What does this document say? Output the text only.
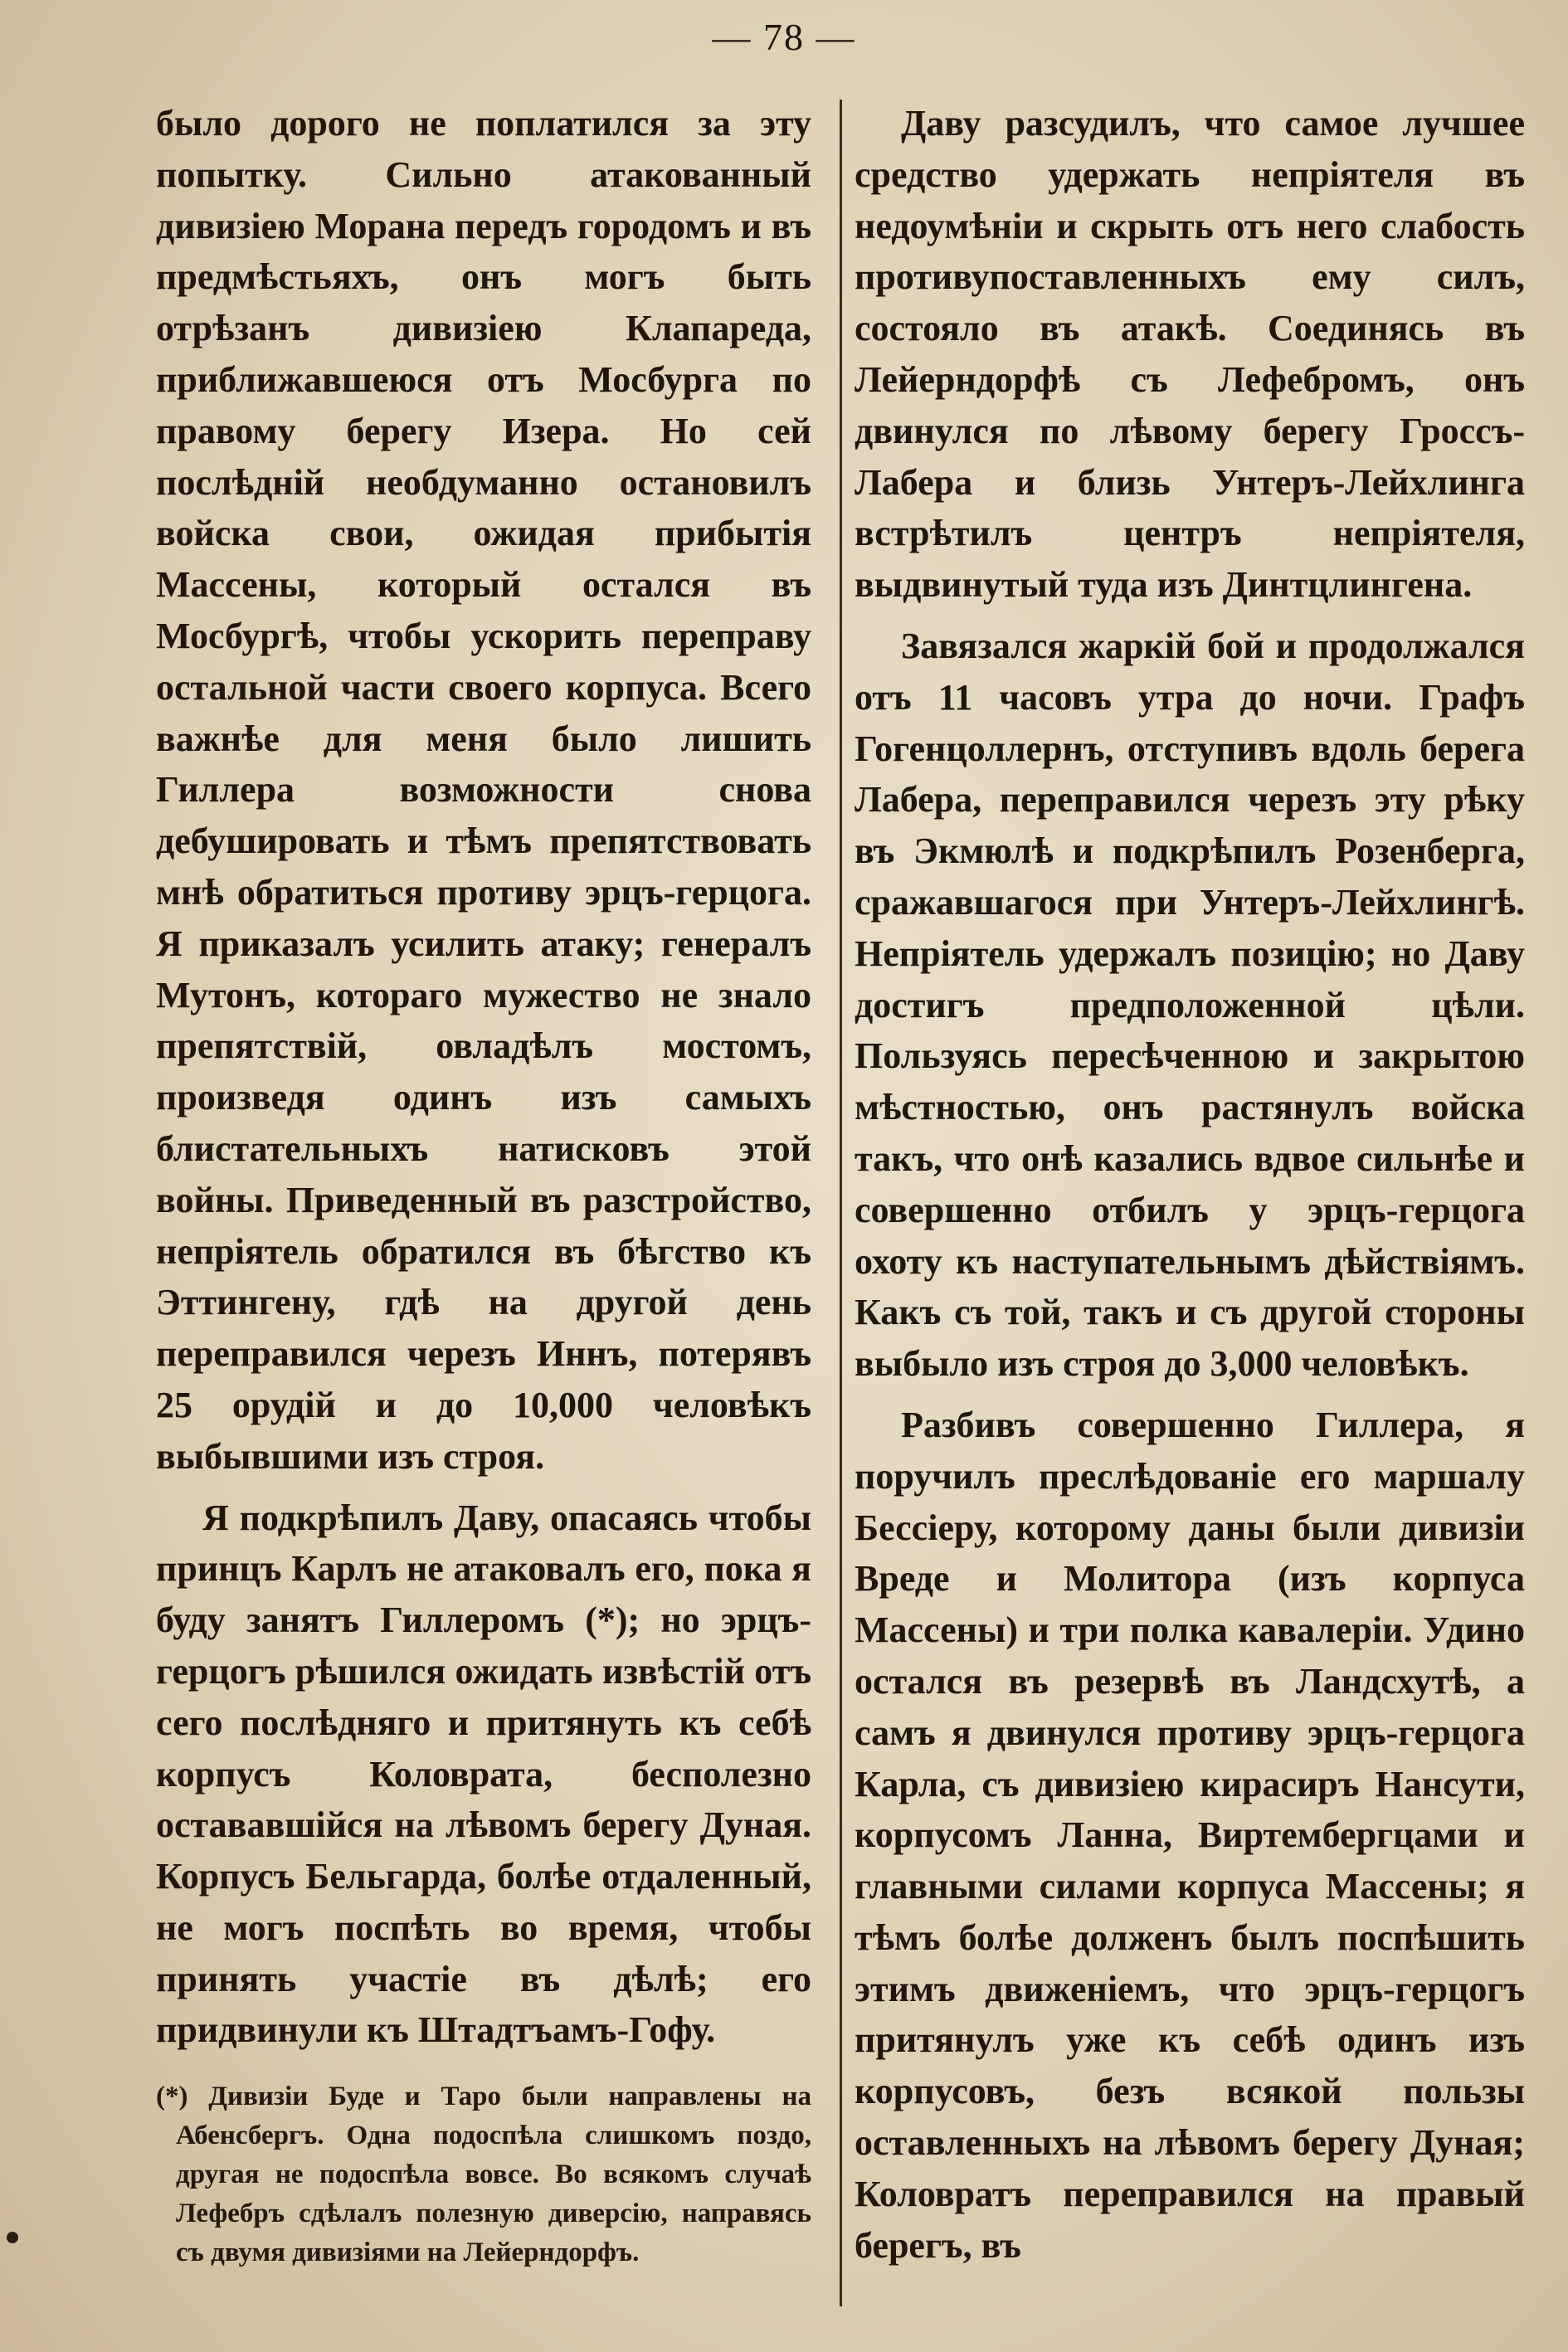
— 78 —

было дорого не поплатился за эту попытку. Сильно атакованный дивизіею Морана передъ городомъ и въ предмѣстьяхъ, онъ могъ быть отрѣзанъ дивизіею Клапареда, приближавшеюся отъ Мосбурга по правому берегу Изера. Но сей послѣдній необдуманно остановилъ войска свои, ожидая прибытія Массены, который остался въ Мосбургѣ, чтобы ускорить переправу остальной части своего корпуса. Всего важнѣе для меня было лишить Гиллера возможности снова дебушировать и тѣмъ препятствовать мнѣ обратиться противу эрцъ-герцога. Я приказалъ усилить атаку; генералъ Мутонъ, котораго мужество не знало препятствій, овладѣлъ мостомъ, произведя одинъ изъ самыхъ блистательныхъ натисковъ этой войны. Приведенный въ разстройство, непріятель обратился въ бѣгство къ Эттингену, гдѣ на другой день переправился черезъ Иннъ, потерявъ 25 орудій и до 10,000 человѣкъ выбывшими изъ строя.

Я подкрѣпилъ Даву, опасаясь чтобы принцъ Карлъ не атаковалъ его, пока я буду занятъ Гиллеромъ (*); но эрцъ-герцогъ рѣшился ожидать извѣстій отъ сего послѣдняго и притянуть къ себѣ корпусъ Коловрата, бесполезно остававшійся на лѣвомъ берегу Дуная. Корпусъ Бельгарда, болѣе отдаленный, не могъ поспѣть во время, чтобы принять участіе въ дѣлѣ; его придвинули къ Штадтъамъ-Гофу.

(*) Дивизіи Буде и Таро были направлены на Абенсбергъ. Одна подоспѣла слишкомъ поздо, другая не подоспѣла вовсе. Во всякомъ случаѣ Лефебръ сдѣлалъ полезную диверсію, направясь съ двумя дивизіями на Лейерндорфъ.

Даву разсудилъ, что самое лучшее средство удержать непріятеля въ недоумѣніи и скрыть отъ него слабость противупоставленныхъ ему силъ, состояло въ атакѣ. Соединясь въ Лейерндорфѣ съ Лефебромъ, онъ двинулся по лѣвому берегу Гроссъ-Лабера и близь Унтеръ-Лейхлинга встрѣтилъ центръ непріятеля, выдвинутый туда изъ Динтцлингена.

Завязался жаркій бой и продолжался отъ 11 часовъ утра до ночи. Графъ Гогенцоллернъ, отступивъ вдоль берега Лабера, переправился черезъ эту рѣку въ Экмюлѣ и подкрѣпилъ Розенберга, сражавшагося при Унтеръ-Лейхлингѣ. Непріятель удержалъ позицію; но Даву достигъ предположенной цѣли. Пользуясь пересѣченною и закрытою мѣстностью, онъ растянулъ войска такъ, что онѣ казались вдвое сильнѣе и совершенно отбилъ у эрцъ-герцога охоту къ наступательнымъ дѣйствіямъ. Какъ съ той, такъ и съ другой стороны выбыло изъ строя до 3,000 человѣкъ.

Разбивъ совершенно Гиллера, я поручилъ преслѣдованіе его маршалу Бессіеру, которому даны были дивизіи Вреде и Молитора (изъ корпуса Массены) и три полка кавалеріи. Удино остался въ резервѣ въ Ландсхутѣ, а самъ я двинулся противу эрцъ-герцога Карла, съ дивизіею кирасиръ Нансути, корпусомъ Ланна, Виртембергцами и главными силами корпуса Массены; я тѣмъ болѣе долженъ былъ поспѣшить этимъ движеніемъ, что эрцъ-герцогъ притянулъ уже къ себѣ одинъ изъ корпусовъ, безъ всякой пользы оставленныхъ на лѣвомъ берегу Дуная; Коловратъ переправился на правый берегъ, въ
